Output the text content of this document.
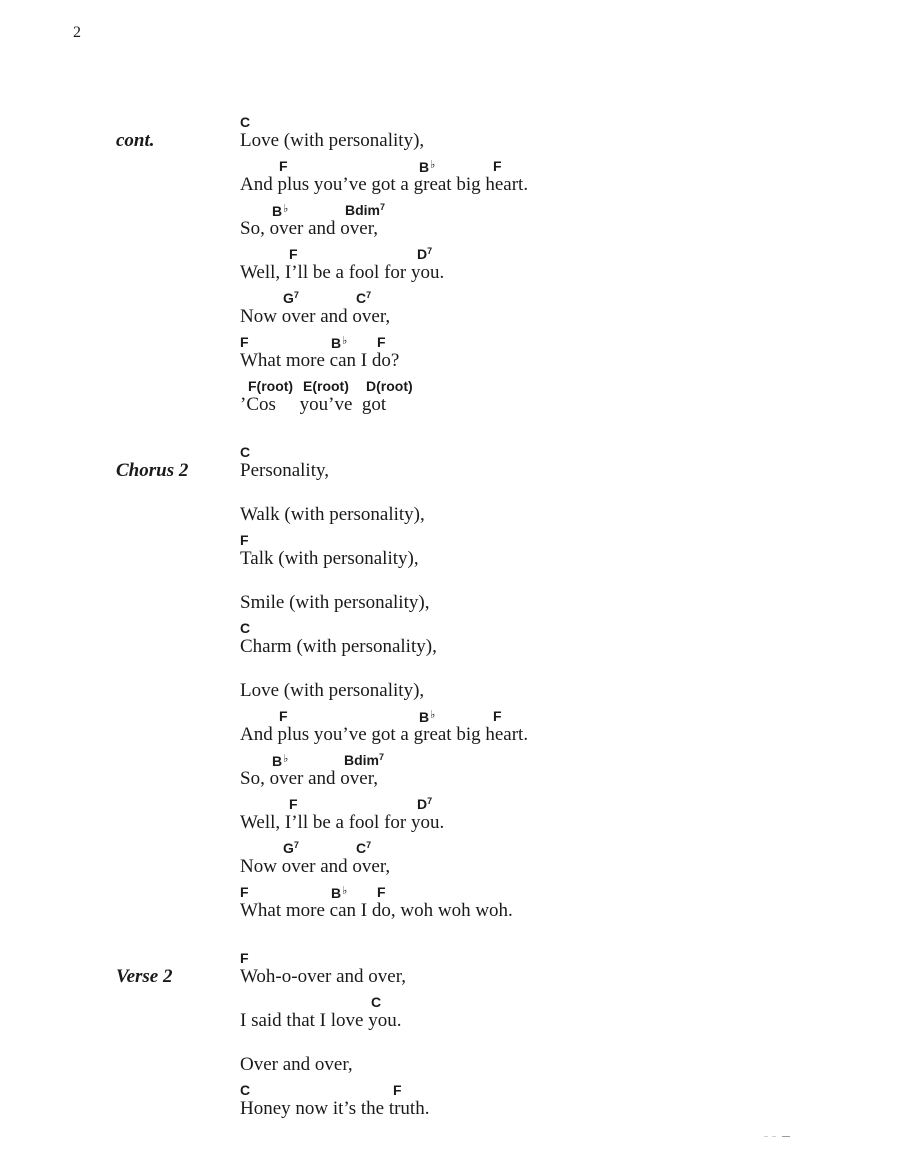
2
cont.
Chorus 2
Verse 2
C
Love (with personality),
F	B♭	F
And plus you’ve got a great big heart.
B♭	Bdim$^7$
So, over and over,
F	$D^7$
Well, I’ll be a fool for you.
$G^7$	$C^7$
Now over and over,
F	B♭ F
What more can I do?
F(root) E(root) D(root)
’Cos     you’ve  got
C
Personality,
Walk (with personality),
F
Talk (with personality),
Smile (with personality),
C
Charm (with personality),
Love (with personality),
F	B♭	F
And plus you’ve got a great big heart.
B♭	Bdim$^7$
So, over and over,
F	$D^7$
Well, I’ll be a fool for you.
$G^7$	$C^7$
Now over and over,
F	B♭ F
What more can I do, woh woh woh.
F
Woh-o-over and over,
C
I said that I love you.
Over and over,
C	F
Honey now it’s the truth.
